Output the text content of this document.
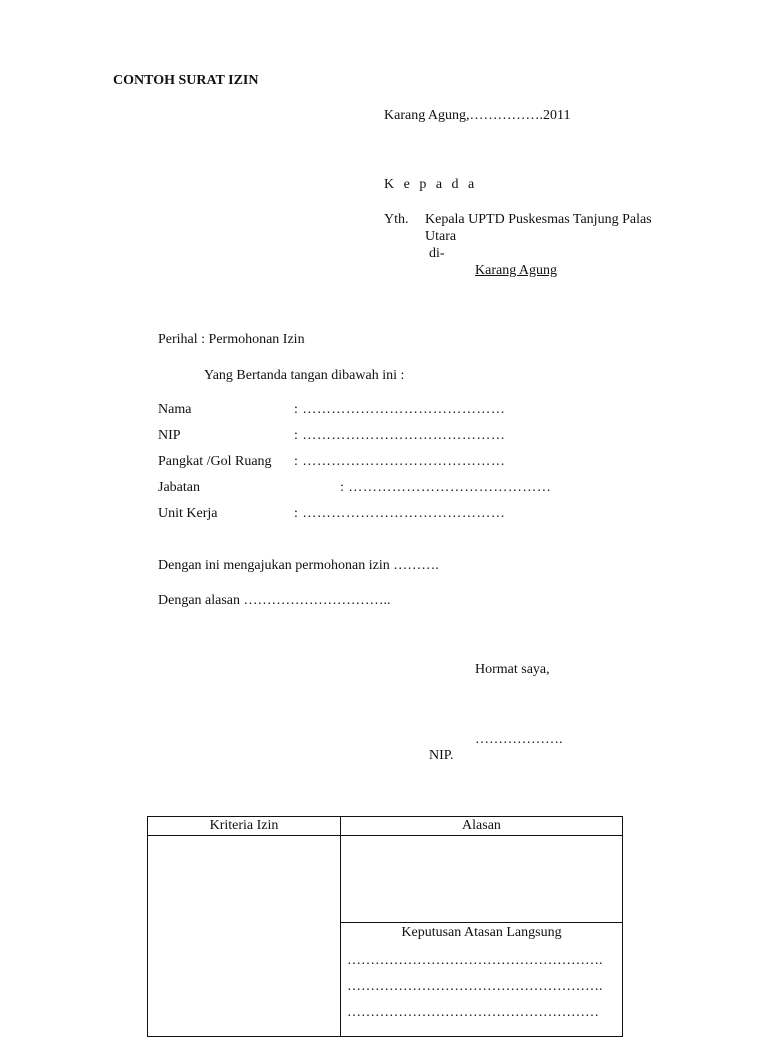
CONTOH SURAT IZIN
Karang Agung,…………….2011
K e p a d a
Yth. Kepala UPTD Puskesmas Tanjung Palas
Utara
di-
Karang Agung
Perihal : Permohonan Izin
Yang Bertanda tangan dibawah ini :
Nama	: ……………………………………
NIP	: ……………………………………
Pangkat /Gol Ruang : ……………………………………
Jabatan	: ……………………………………
Unit Kerja	: ……………………………………
Dengan ini mengajukan permohonan izin ……….
Dengan alasan …………………………..
Hormat saya,
……………….
NIP.
Kriteria Izin	Alasan

	Keputusan Atasan Langsung
……………………………………………….
……………………………………………….
………………………………………………
